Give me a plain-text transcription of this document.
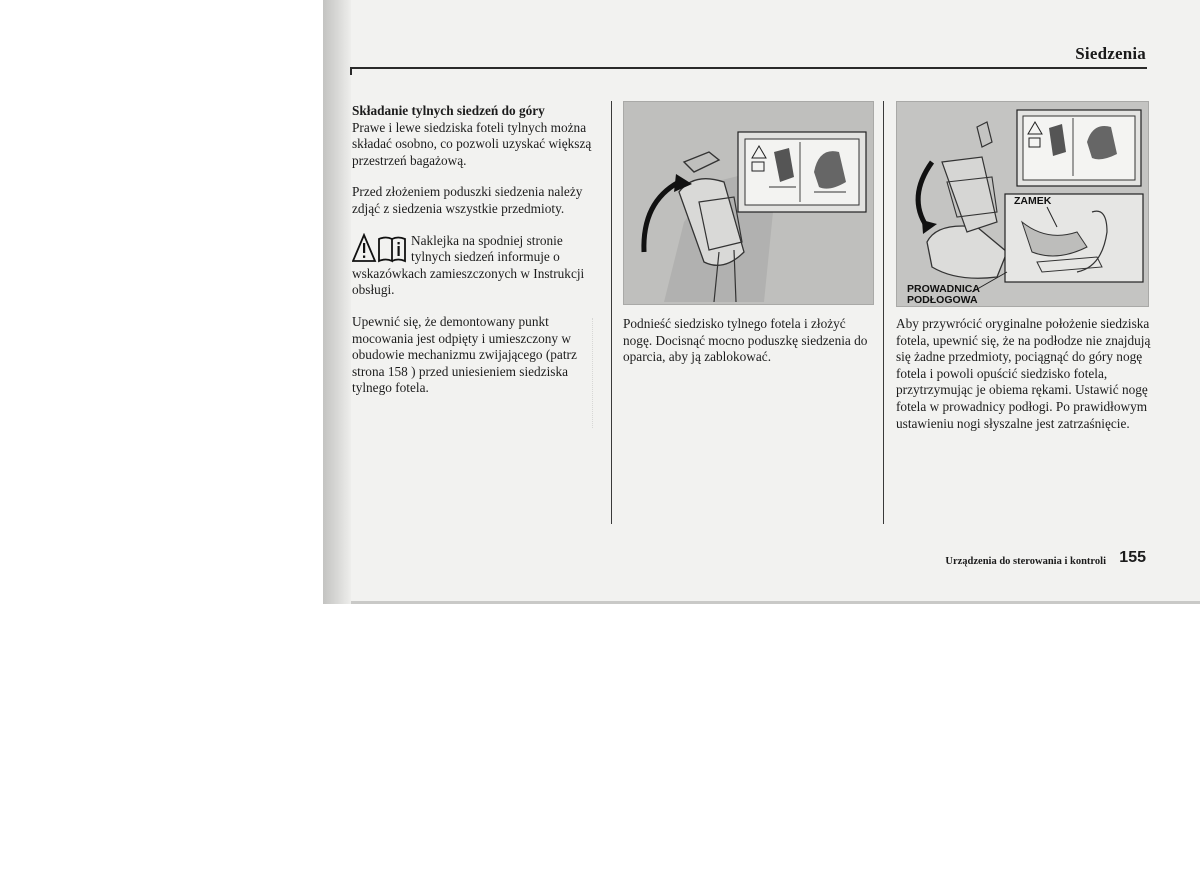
Siedzenia
Składanie tylnych siedzeń do góry

Prawe i lewe siedziska foteli tylnych można składać osobno, co pozwoli uzyskać większą przestrzeń bagażową.

Przed złożeniem poduszki siedzenia należy zdjąć z siedzenia wszystkie przedmioty.

Naklejka na spodniej stronie tylnych siedzeń informuje o wskazówkach zamieszczonych w Instrukcji obsługi.

Upewnić się, że demontowany punkt mocowania jest odpięty i umieszczony w obudowie mechanizmu zwijającego (patrz strona 158 ) przed uniesieniem siedziska tylnego fotela.

Podnieść siedzisko tylnego fotela i złożyć nogę. Docisnąć mocno poduszkę siedzenia do oparcia, aby ją zablokować.
ZAMEK
PROWADNICA
PODŁOGOWA
Aby przywrócić oryginalne położenie siedziska fotela, upewnić się, że na podłodze nie znajdują się żadne przedmioty, pociągnąć do góry nogę fotela i powoli opuścić siedzisko fotela, przytrzymując je obiema rękami. Ustawić nogę fotela w prowadnicy podłogi. Po prawidłowym ustawieniu nogi słyszalne jest zatrzaśnięcie.
Urządzenia do sterowania i kontroli 155
